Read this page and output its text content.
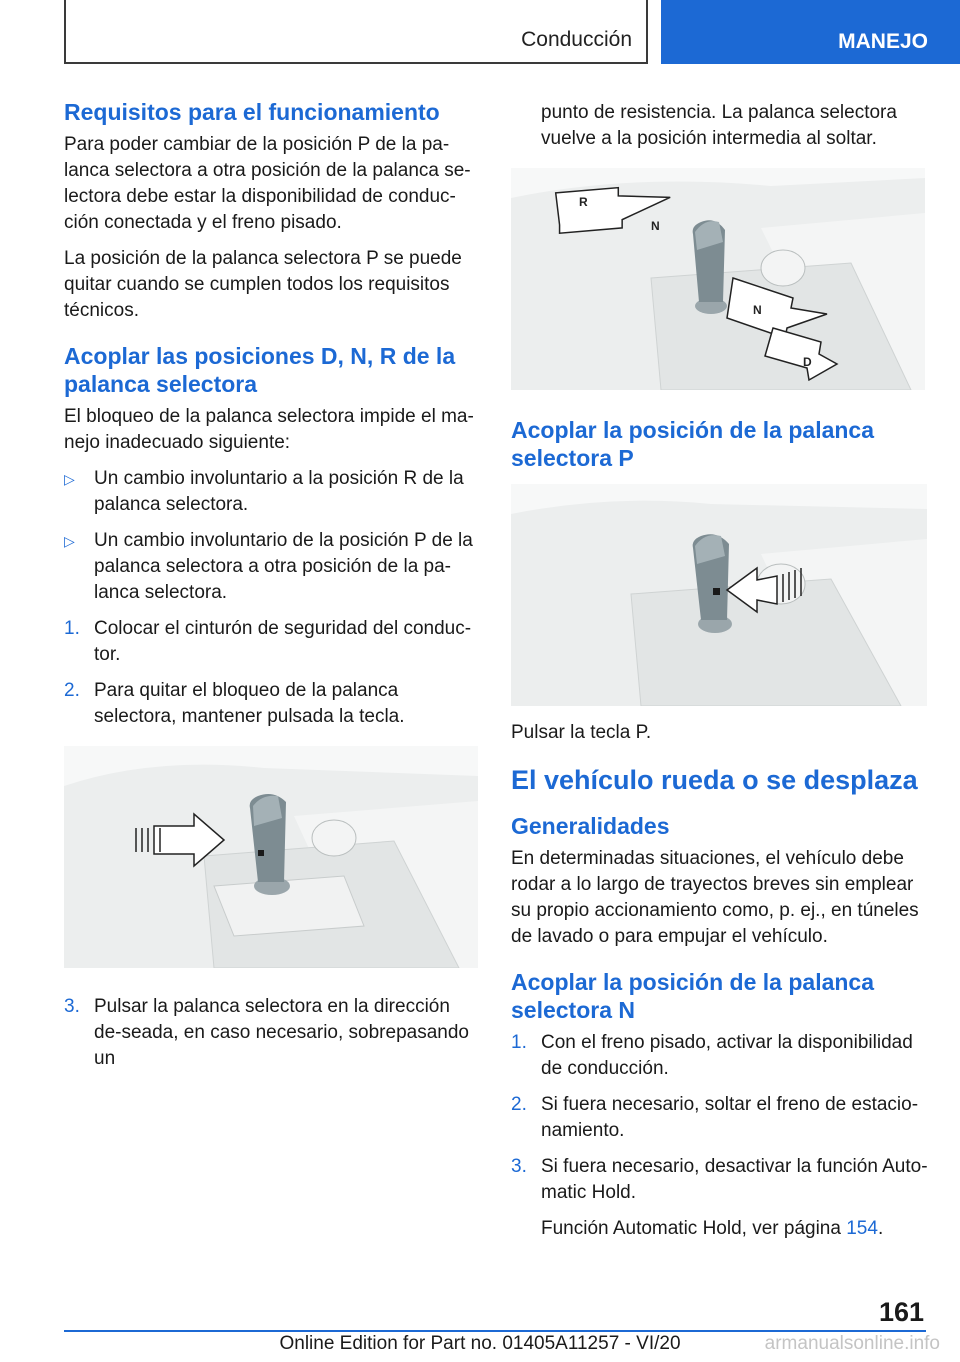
Conducción	MANEJO
Requisitos para el funcionamiento

Para poder cambiar de la posición P de la pa‐lanca selectora a otra posición de la palanca se‐lectora debe estar la disponibilidad de conduc‐ción conectada y el freno pisado.

La posición de la palanca selectora P se puede quitar cuando se cumplen todos los requisitos técnicos.

Acoplar las posiciones D, N, R de la palanca selectora

El bloqueo de la palanca selectora impide el ma‐nejo inadecuado siguiente:

▷ Un cambio involuntario a la posición R de la palanca selectora.
▷ Un cambio involuntario de la posición P de la palanca selectora a otra posición de la pa‐lanca selectora.
1. Colocar el cinturón de seguridad del conduc‐tor.
2. Para quitar el bloqueo de la palanca selectora, mantener pulsada la tecla.
3. Pulsar la palanca selectora en la dirección de‐seada, en caso necesario, sobrepasando un

punto de resistencia. La palanca selectora vuelve a la posición intermedia al soltar.

R
N
N
D
Acoplar la posición de la palanca selectora P

Pulsar la tecla P.

El vehículo rueda o se desplaza
Generalidades

En determinadas situaciones, el vehículo debe rodar a lo largo de trayectos breves sin emplear su propio accionamiento como, p. ej., en túneles de lavado o para empujar el vehículo.

Acoplar la posición de la palanca selectora N
1. Con el freno pisado, activar la disponibilidad de conducción.
2. Si fuera necesario, soltar el freno de estacio‐namiento.
3. Si fuera necesario, desactivar la función Auto‐matic Hold.

Función Automatic Hold, ver página 154.

161
Online Edition for Part no. 01405A11257 - VI/20	armanualsonline.info
